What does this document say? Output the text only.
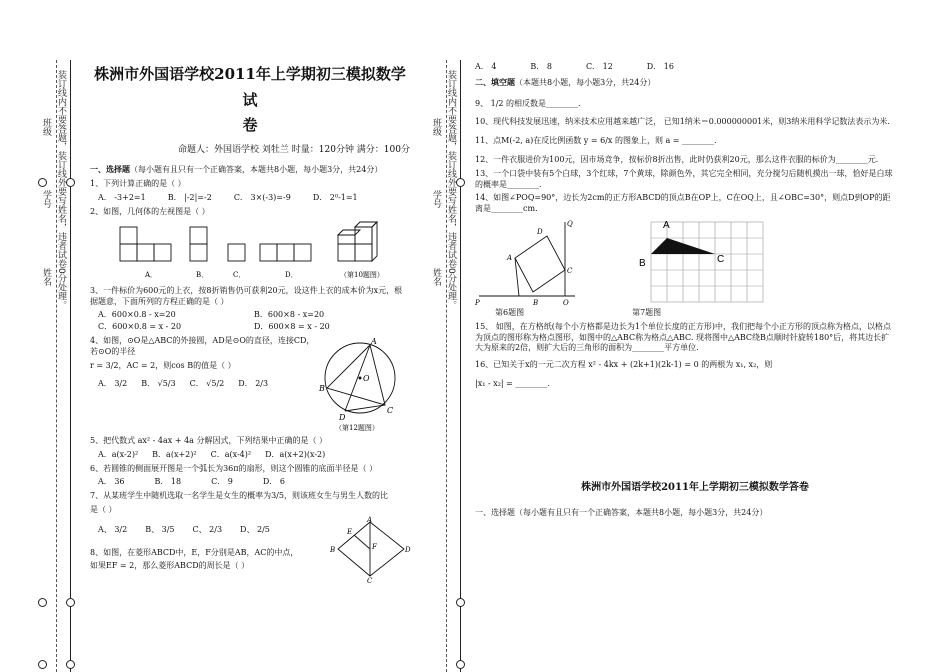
装订线内不要答题，装订线外要写姓名，违者试卷0分处理。
班级
学号
姓名

株洲市外国语学校2011年上学期初三模拟数学试
卷

命题人：外国语学校 刘牡兰 时量：120分钟 满分：100分

一、选择题（每小题有且只有一个正确答案，本题共8小题，每小题3分，共24分）
1、下列计算正确的是（ ）
A． -3+2=1	B． |-2|=-2	C． 3×(-3)=-9	D． 2⁰-1=1
2、如图，几何体的左视图是（ ）
A．	B．	C．	D．	（第10题图）
3、一件标价为600元的上衣，按8折销售仍可获利20元，设这件上衣的成本价为x元，根据题意，下面所列的方程正确的是（ ）
A．600×0.8 - x=20	B．600×8 - x=20
C．600×0.8 = x - 20	D．600×8 = x - 20
4、如图，⊙O是△ABC的外接圆，AD是⊙O的直径，连接CD，若⊙O的半径
r = 3/2，AC = 2，则cos B的值是（ ）
A． 3/2 B． √5/3 C． √5/2 D． 2/3
A
B
C
D
O
（第12题图）
5、把代数式 ax² - 4ax + 4a 分解因式，下列结果中正确的是（ ）
A．a(x-2)² B．a(x+2)² C．a(x-4)² D．a(x+2)(x-2)
6、若圆锥的侧面展开图是一个弧长为36π的扇形，则这个圆锥的底面半径是（ ）
A． 36	B． 18	C． 9	D． 6
7、从某班学生中随机选取一名学生是女生的概率为3/5，则该班女生与男生人数的比
是（ ）
A、 3/2 B、 3/5 C、 2/3 D、 2/5
8、如图，在菱形ABCD中，E，F分别是AB，AC的中点，
如果EF = 2，那么菱形ABCD的周长是（ ）
A
B
C
D
E
F
装订线内不要答题，装订线外要写姓名，违者试卷0分处理。
班级
学号
姓名
A． 4	B． 8	C． 12	D． 16
二、填空题（本题共8小题，每小题3分，共24分）
9、 1/2 的相反数是________.
10、现代科技发展迅速，纳米技术应用越来越广泛， 已知1纳米＝0.000000001米，则3纳米用科学记数法表示为米.
11、点M(-2, a)在反比例函数 y = 6/x 的图象上，则 a = ________.
12、一件衣服进价为100元，因市场竞争，按标价8折出售，此时仍获利20元，那么这件衣服的标价为________元.
13、一个口袋中装有5个白球，3个红球，7个黄球，除颜色外，其它完全相同，充分搅匀后随机摸出一球，恰好是白球的概率是________.
14、如图∠POQ=90°，边长为2cm的正方形ABCD的顶点B在OP上，C在OQ上，且∠OBC=30°，则点D到OP的距离是________cm.
D
A
C
Q
P	B	O
A
B	C
第6题图	第7题图
15、 如图，在方格纸(每个小方格都是边长为1个单位长度的正方形)中，我们把每个小正方形的顶点称为格点，以格点为顶点的图形称为格点图形，如图中的△ABC称为格点△ABC. 现将图中△ABC绕B点顺时针旋转180°后，将其边长扩大为原来的2倍，则扩大后的三角形的面积为________平方单位.
16、已知关于x的一元二次方程 x² - 4kx + (2k+1)(2k-1) = 0 的两根为 x₁, x₂，则
|x₁ - x₂| = ________.

株洲市外国语学校2011年上学期初三模拟数学答卷

一、选择题（每小题有且只有一个正确答案，本题共8小题，每小题3分，共24分）
